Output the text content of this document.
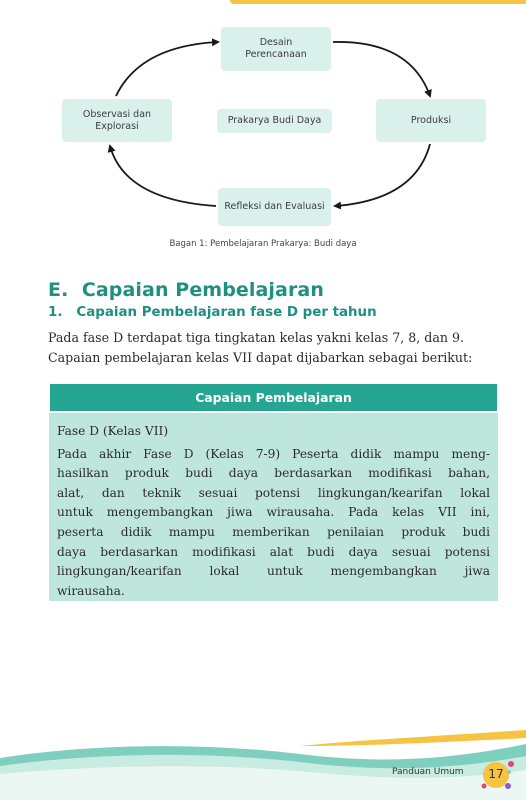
Desain
Perencanaan
Produksi
Refleksi dan Evaluasi
Observasi dan
Explorasi	Prakarya Budi Daya
Bagan 1: Pembelajaran Prakarya: Budi daya
E.  Capaian Pembelajaran
1.   Capaian Pembelajaran fase D per tahun

Pada fase D terdapat tiga tingkatan kelas yakni kelas 7, 8, dan 9.

Capaian pembelajaran kelas VII dapat dijabarkan sebagai berikut:

Capaian Pembelajaran

Fase D (Kelas VII)

Pada akhir Fase D (Kelas 7-9) Peserta didik mampu meng-
hasilkan produk budi daya berdasarkan modifikasi bahan,
alat, dan teknik sesuai potensi lingkungan/kearifan lokal
untuk mengembangkan jiwa wirausaha. Pada kelas VII ini,
peserta didik mampu memberikan penilaian produk budi
daya berdasarkan modifikasi alat budi daya sesuai potensi
lingkungan/kearifan lokal untuk mengembangkan jiwa
wirausaha.

Panduan Umum	17
